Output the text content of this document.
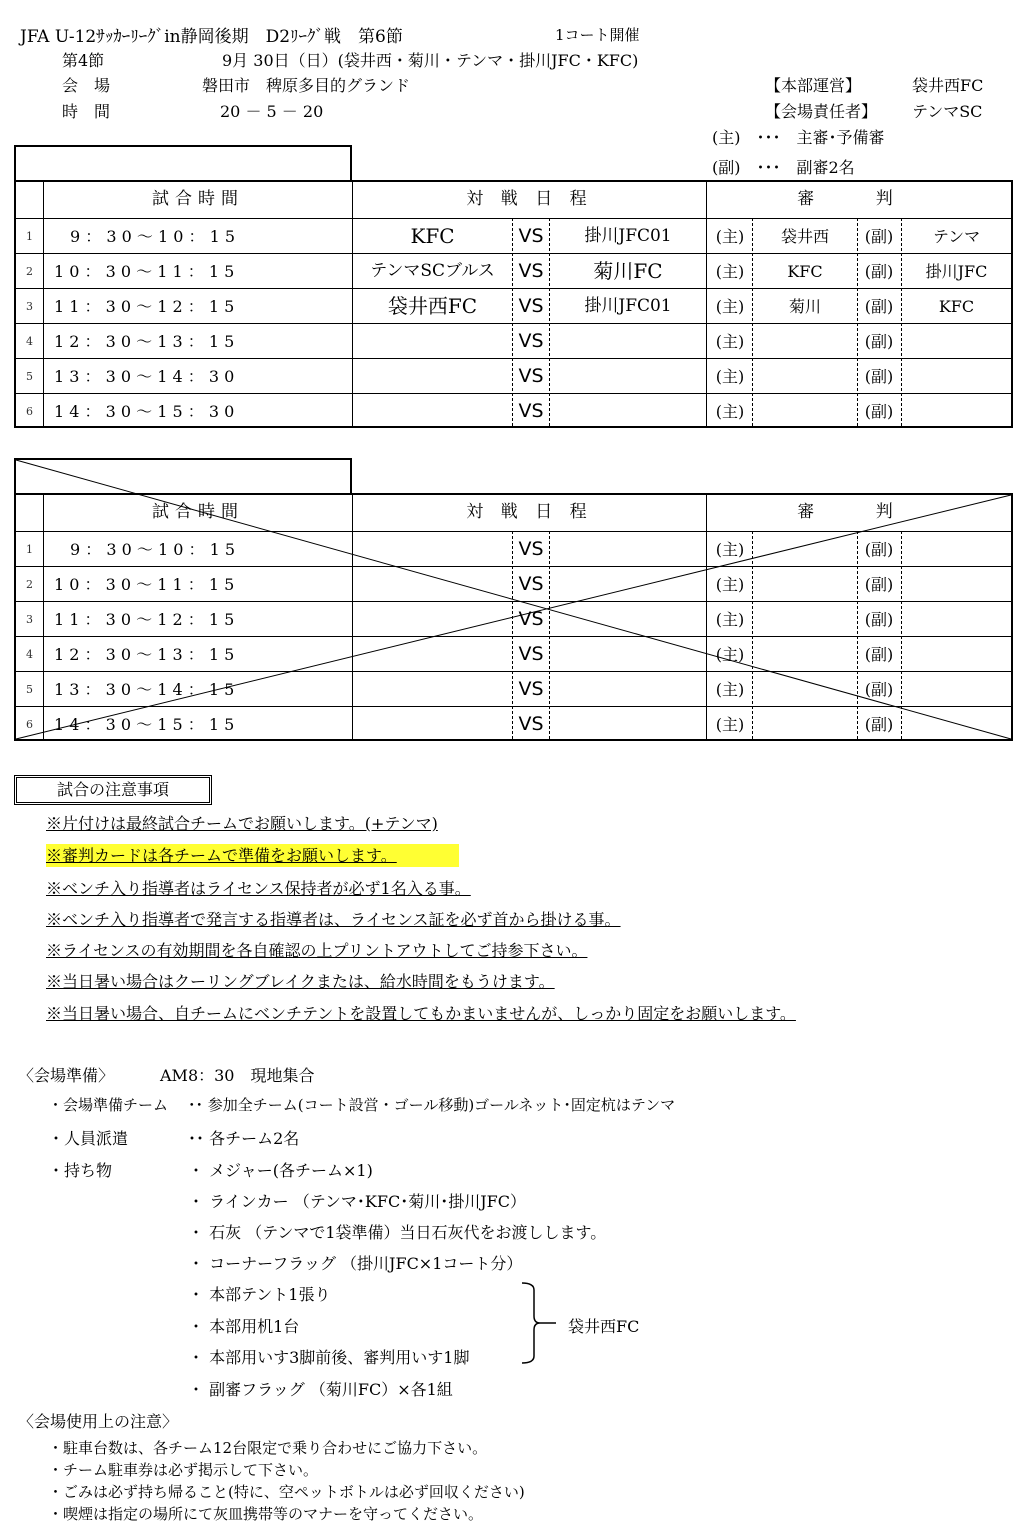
JFA U-12ｻｯｶｰﾘｰｸﾞin静岡後期　D2ﾘｰｸﾞ戦　第6節	1コート開催
第4節	9月 30日（日）(袋井西・菊川・テンマ・掛川JFC・KFC)
会　場	磐田市　稗原多目的グランド
時　間	20 － 5 － 20
【本部運営】	袋井西FC
【会場責任者】 テンマSC
(主)　･･･　主審･予備審
(副)　･･･　副審2名
試合時間	対 戦 日 程	審 判
1	　9 ： 3 0 ～ 1 0 ： 1 5	KFC	VS	掛川JFC01	(主)	袋井西	(副)	テンマ
2	1 0 ： 3 0 ～ 1 1 ： 1 5	テンマSCブルス	VS	菊川FC	(主)	KFC	(副)	掛川JFC
3	1 1 ： 3 0 ～ 1 2 ： 1 5	袋井西FC	VS	掛川JFC01	(主)	菊川	(副)	KFC
4	1 2 ： 3 0 ～ 1 3 ： 1 5	VS	(主)	(副)
5	1 3 ： 3 0 ～ 1 4 ： 3 0	VS	(主)	(副)
6	1 4 ： 3 0 ～ 1 5 ： 3 0	VS	(主)	(副)
試合時間	対 戦 日 程	審 判
1	　9 ： 3 0 ～ 1 0 ： 1 5	VS	(主)	(副)
2	1 0 ： 3 0 ～ 1 1 ： 1 5	VS	(主)	(副)
3	1 1 ： 3 0 ～ 1 2 ： 1 5	VS	(主)	(副)
4	1 2 ： 3 0 ～ 1 3 ： 1 5	VS	(主)	(副)
5	1 3 ： 3 0 ～ 1 4 ： 1 5	VS	(主)	(副)
6	1 4 ： 3 0 ～ 1 5 ： 1 5	VS	(主)	(副)
試合の注意事項
※片付けは最終試合チームでお願いします。(+テンマ)
※審判カードは各チームで準備をお願いします。
※ベンチ入り指導者はライセンス保持者が必ず1名入る事。
※ベンチ入り指導者で発言する指導者は、ライセンス証を必ず首から掛ける事。
※ライセンスの有効期間を各自確認の上プリントアウトしてご持参下さい。
※当日暑い場合はクーリングブレイクまたは、給水時間をもうけます。
※当日暑い場合、自チームにベンチテントを設置してもかまいませんが、しっかり固定をお願いします。
〈会場準備〉	AM8：30　現地集合
・会場準備チーム ･･ 参加全チーム(コート設営・ゴール移動)ゴールネット･固定杭はテンマ
・人員派遣	･･ 各チーム2名
・持ち物	・ メジャー(各チーム×1)
・ ラインカー （テンマ･KFC･菊川･掛川JFC）
・ 石灰 （テンマで1袋準備）当日石灰代をお渡しします。
・ コーナーフラッグ （掛川JFC×1コート分）
・ 本部テント1張り
・ 本部用机1台
・ 本部用いす3脚前後、審判用いす1脚
・ 副審フラッグ （菊川FC）×各1組
袋井西FC
〈会場使用上の注意〉
・駐車台数は、各チーム12台限定で乗り合わせにご協力下さい。
・チーム駐車券は必ず掲示して下さい。
・ごみは必ず持ち帰ること(特に、空ペットボトルは必ず回収ください)
・喫煙は指定の場所にて灰皿携帯等のマナーを守ってください。
